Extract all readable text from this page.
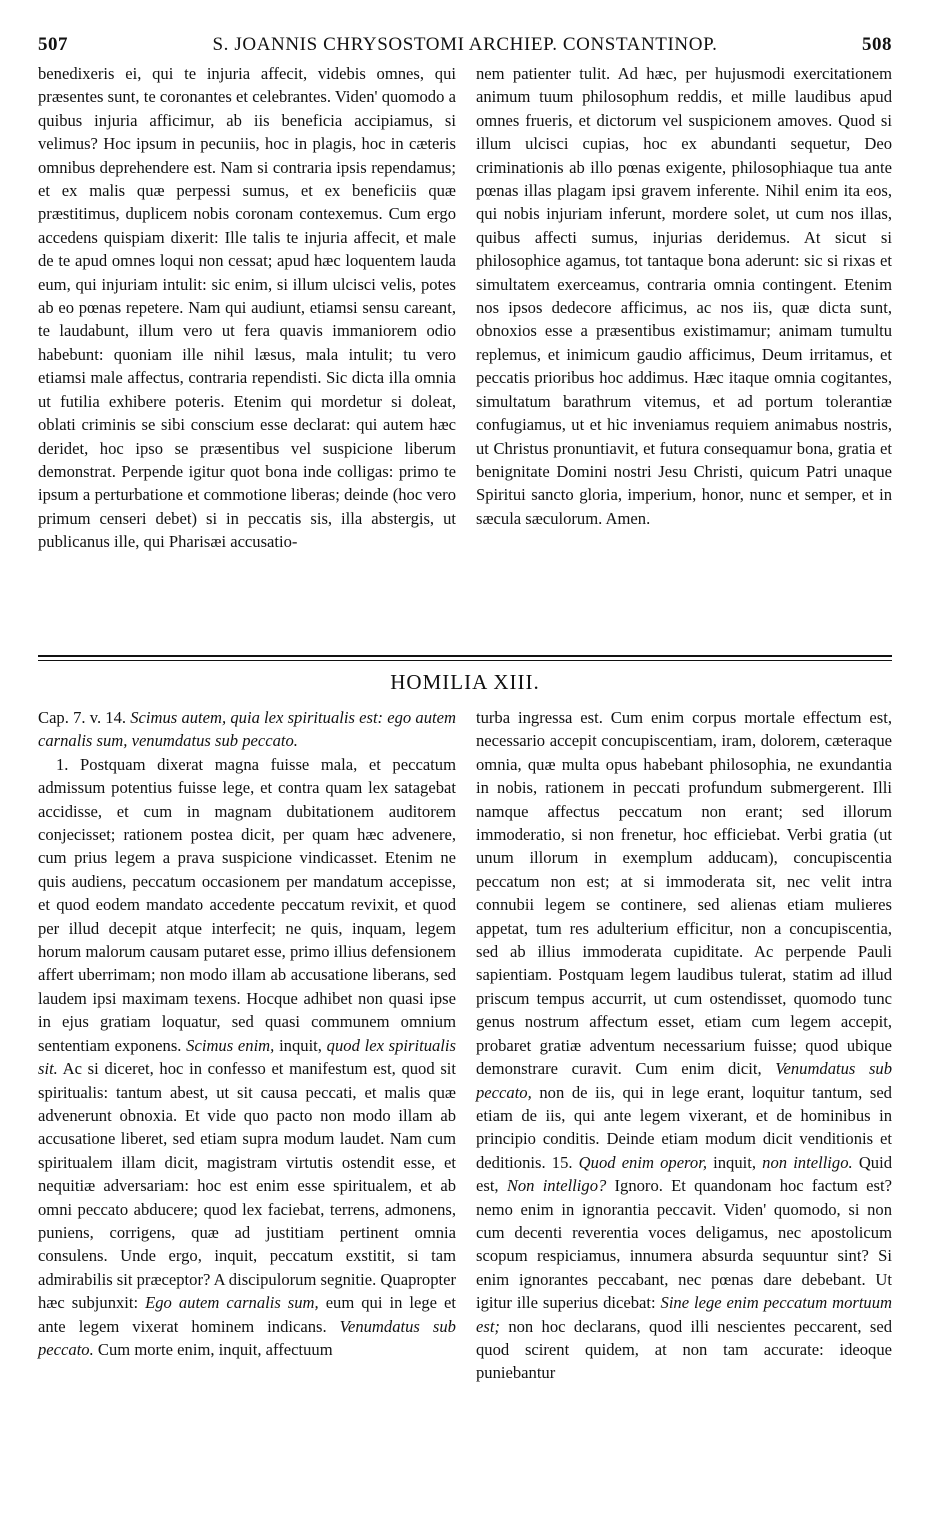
507	S. JOANNIS CHRYSOSTOMI ARCHIEP. CONSTANTINOP.	508

benedixeris ei, qui te injuria affecit, videbis omnes, qui præsentes sunt, te coronantes et celebrantes. Viden' quomodo a quibus injuria afficimur, ab iis beneficia accipiamus, si velimus? Hoc ipsum in pecuniis, hoc in plagis, hoc in cæteris omnibus deprehendere est. Nam si contraria ipsis rependamus; et ex malis quæ perpessi sumus, et ex beneficiis quæ præstitimus, duplicem nobis coronam contexemus. Cum ergo accedens quispiam dixerit: Ille talis te injuria affecit, et male de te apud omnes loqui non cessat; apud hæc loquentem lauda eum, qui injuriam intulit: sic enim, si illum ulcisci velis, potes ab eo pœnas repetere. Nam qui audiunt, etiamsi sensu careant, te laudabunt, illum vero ut fera quavis immaniorem odio habebunt: quoniam ille nihil læsus, mala intulit; tu vero etiamsi male affectus, contraria rependisti. Sic dicta illa omnia ut futilia exhibere poteris. Etenim qui mordetur si doleat, oblati criminis se sibi conscium esse declarat: qui autem hæc deridet, hoc ipso se præsentibus vel suspicione liberum demonstrat. Perpende igitur quot bona inde colligas: primo te ipsum a perturbatione et commotione liberas; deinde (hoc vero primum censeri debet) si in peccatis sis, illa abstergis, ut publicanus ille, qui Pharisæi accusatio-

nem patienter tulit. Ad hæc, per hujusmodi exercitationem animum tuum philosophum reddis, et mille laudibus apud omnes frueris, et dictorum vel suspicionem amoves. Quod si illum ulcisci cupias, hoc ex abundanti sequetur, Deo criminationis ab illo pœnas exigente, philosophiaque tua ante pœnas illas plagam ipsi gravem inferente. Nihil enim ita eos, qui nobis injuriam inferunt, mordere solet, ut cum nos illas, quibus affecti sumus, injurias deridemus. At sicut si philosophice agamus, tot tantaque bona aderunt: sic si rixas et simultatem exerceamus, contraria omnia contingent. Etenim nos ipsos dedecore afficimus, ac nos iis, quæ dicta sunt, obnoxios esse a præsentibus existimamur; animam tumultu replemus, et inimicum gaudio afficimus, Deum irritamus, et peccatis prioribus hoc addimus. Hæc itaque omnia cogitantes, simultatum barathrum vitemus, et ad portum tolerantiæ confugiamus, ut et hic inveniamus requiem animabus nostris, ut Christus pronuntiavit, et futura consequamur bona, gratia et benignitate Domini nostri Jesu Christi, quicum Patri unaque Spiritui sancto gloria, imperium, honor, nunc et semper, et in sæcula sæculorum. Amen.

HOMILIA XIII.

Cap. 7. v. 14. Scimus autem, quia lex spiritualis est: ego autem carnalis sum, venumdatus sub peccato.

1. Postquam dixerat magna fuisse mala, et peccatum admissum potentius fuisse lege, et contra quam lex satagebat accidisse, et cum in magnam dubitationem auditorem conjecisset; rationem postea dicit, per quam hæc advenere, cum prius legem a prava suspicione vindicasset. Etenim ne quis audiens, peccatum occasionem per mandatum accepisse, et quod eodem mandato accedente peccatum revixit, et quod per illud decepit atque interfecit; ne quis, inquam, legem horum malorum causam putaret esse, primo illius defensionem affert uberrimam; non modo illam ab accusatione liberans, sed laudem ipsi maximam texens. Hocque adhibet non quasi ipse in ejus gratiam loquatur, sed quasi communem omnium sententiam exponens. Scimus enim, inquit, quod lex spiritualis sit. Ac si diceret, hoc in confesso et manifestum est, quod sit spiritualis: tantum abest, ut sit causa peccati, et malis quæ advenerunt obnoxia. Et vide quo pacto non modo illam ab accusatione liberet, sed etiam supra modum laudet. Nam cum spiritualem illam dicit, magistram virtutis ostendit esse, et nequitiæ adversariam: hoc est enim esse spiritualem, et ab omni peccato abducere; quod lex faciebat, terrens, admonens, puniens, corrigens, quæ ad justitiam pertinent omnia consulens. Unde ergo, inquit, peccatum exstitit, si tam admirabilis sit præceptor? A discipulorum segnitie. Quapropter hæc subjunxit: Ego autem carnalis sum, eum qui in lege et ante legem vixerat hominem indicans. Venumdatus sub peccato. Cum morte enim, inquit, affectuum

turba ingressa est. Cum enim corpus mortale effectum est, necessario accepit concupiscentiam, iram, dolorem, cæteraque omnia, quæ multa opus habebant philosophia, ne exundantia in nobis, rationem in peccati profundum submergerent. Illi namque affectus peccatum non erant; sed illorum immoderatio, si non frenetur, hoc efficiebat. Verbi gratia (ut unum illorum in exemplum adducam), concupiscentia peccatum non est; at si immoderata sit, nec velit intra connubii legem se continere, sed alienas etiam mulieres appetat, tum res adulterium efficitur, non a concupiscentia, sed ab illius immoderata cupiditate. Ac perpende Pauli sapientiam. Postquam legem laudibus tulerat, statim ad illud priscum tempus accurrit, ut cum ostendisset, quomodo tunc genus nostrum affectum esset, etiam cum legem accepit, probaret gratiæ adventum necessarium fuisse; quod ubique demonstrare curavit. Cum enim dicit, Venumdatus sub peccato, non de iis, qui in lege erant, loquitur tantum, sed etiam de iis, qui ante legem vixerant, et de hominibus in principio conditis. Deinde etiam modum dicit venditionis et deditionis. 15. Quod enim operor, inquit, non intelligo. Quid est, Non intelligo? Ignoro. Et quandonam hoc factum est? nemo enim in ignorantia peccavit. Viden' quomodo, si non cum decenti reverentia voces deligamus, nec apostolicum scopum respiciamus, innumera absurda sequuntur sint? Si enim ignorantes peccabant, nec pœnas dare debebant. Ut igitur ille superius dicebat: Sine lege enim peccatum mortuum est; non hoc declarans, quod illi nescientes peccarent, sed quod scirent quidem, at non tam accurate: ideoque puniebantur
